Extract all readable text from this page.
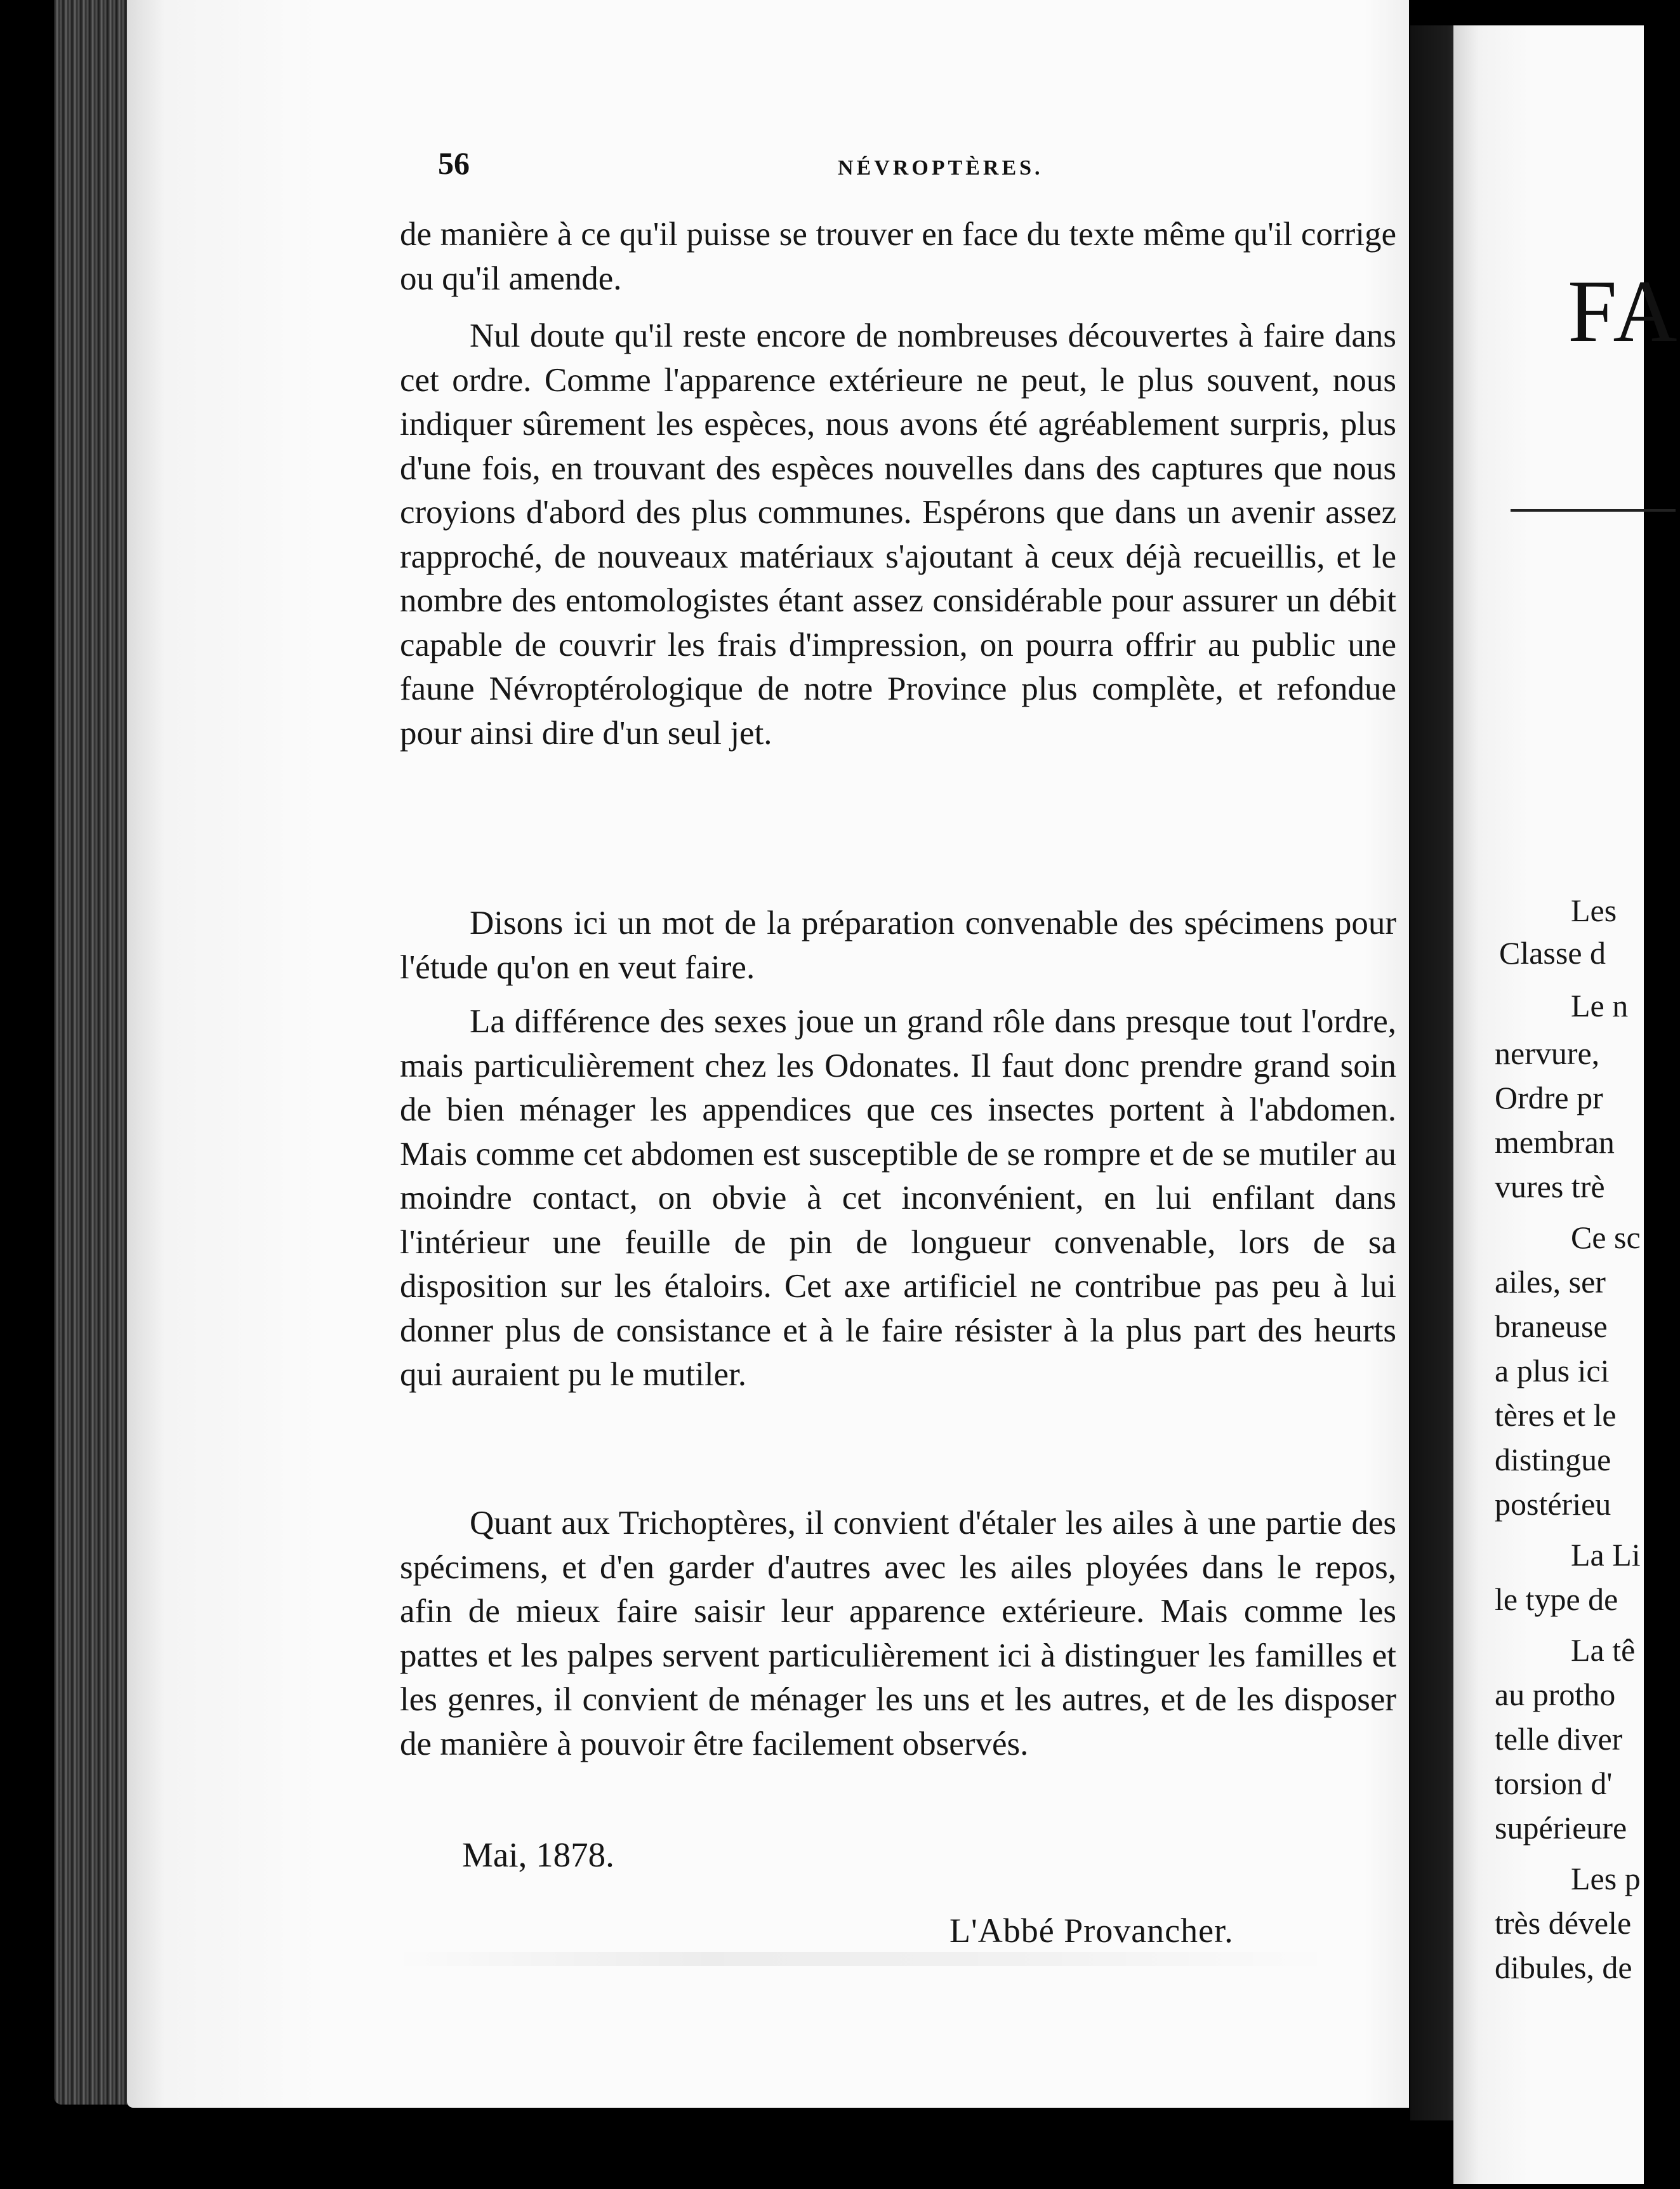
FA
Les
Classe d
Le n
nervure,
Ordre pr
membran
vures trè
Ce sc
ailes, ser
braneuse
a plus ici
tères et le
distingue
postérieu
La Li
le type de
La tê
au protho
telle diver
torsion d'
supérieure
Les p
très dévele
dibules, de
56	NÉVROPTÈRES.

de manière à ce qu'il puisse se trouver en face du texte même qu'il corrige ou qu'il amende.

Nul doute qu'il reste encore de nombreuses découvertes à faire dans cet ordre. Comme l'apparence extérieure ne peut, le plus souvent, nous indiquer sûrement les espèces, nous avons été agréablement surpris, plus d'une fois, en trouvant des espèces nouvelles dans des captures que nous croyions d'abord des plus communes. Espérons que dans un avenir assez rapproché, de nouveaux matériaux s'ajoutant à ceux déjà recueillis, et le nombre des entomologistes étant assez considérable pour assurer un débit capable de couvrir les frais d'impression, on pourra offrir au public une faune Névroptérologique de notre Province plus complète, et refondue pour ainsi dire d'un seul jet.

Disons ici un mot de la préparation convenable des spécimens pour l'étude qu'on en veut faire.

La différence des sexes joue un grand rôle dans presque tout l'ordre, mais particulièrement chez les Odonates. Il faut donc prendre grand soin de bien ménager les appendices que ces insectes portent à l'abdomen. Mais comme cet abdomen est susceptible de se rompre et de se mutiler au moindre contact, on obvie à cet inconvénient, en lui enfilant dans l'intérieur une feuille de pin de longueur convenable, lors de sa disposition sur les étaloirs. Cet axe artificiel ne contribue pas peu à lui donner plus de consistance et à le faire résister à la plus part des heurts qui auraient pu le mutiler.

Quant aux Trichoptères, il convient d'étaler les ailes à une partie des spécimens, et d'en garder d'autres avec les ailes ployées dans le repos, afin de mieux faire saisir leur apparence extérieure. Mais comme les pattes et les palpes servent particulièrement ici à distinguer les familles et les genres, il convient de ménager les uns et les autres, et de les disposer de manière à pouvoir être facilement observés.

Mai, 1878.
L'Abbé Provancher.
